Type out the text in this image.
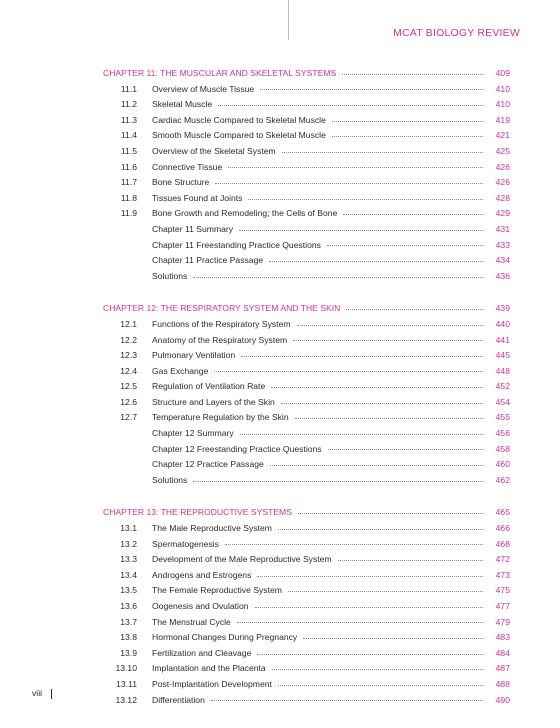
MCAT BIOLOGY REVIEW
CHAPTER 11: THE MUSCULAR AND SKELETAL SYSTEMS	409
11.1 Overview of Muscle Tissue	410
11.2 Skeletal Muscle	410
11.3 Cardiac Muscle Compared to Skeletal Muscle	419
11.4 Smooth Muscle Compared to Skeletal Muscle	421
11.5 Overview of the Skeletal System	425
11.6 Connective Tissue	426
11.7 Bone Structure	426
11.8 Tissues Found at Joints	428
11.9 Bone Growth and Remodeling; the Cells of Bone	429
Chapter 11 Summary	431
Chapter 11 Freestanding Practice Questions	433
Chapter 11 Practice Passage	434
Solutions	436
CHAPTER 12: THE RESPIRATORY SYSTEM AND THE SKIN	439
12.1 Functions of the Respiratory System	440
12.2 Anatomy of the Respiratory System	441
12.3 Pulmonary Ventilation	445
12.4 Gas Exchange	448
12.5 Regulation of Ventilation Rate	452
12.6 Structure and Layers of the Skin	454
12.7 Temperature Regulation by the Skin	455
Chapter 12 Summary	456
Chapter 12 Freestanding Practice Questions	458
Chapter 12 Practice Passage	460
Solutions	462
CHAPTER 13: THE REPRODUCTIVE SYSTEMS	465
13.1 The Male Reproductive System	466
13.2 Spermatogenesis	468
13.3 Development of the Male Reproductive System	472
13.4 Androgens and Estrogens	473
13.5 The Female Reproductive System	475
13.6 Oogenesis and Ovulation	477
13.7 The Menstrual Cycle	479
13.8 Hormonal Changes During Pregnancy	483
13.9 Fertilization and Cleavage	484
13.10 Implantation and the Placenta	487
13.11 Post-Implantation Development	488
13.12 Differentiation	490
viii
